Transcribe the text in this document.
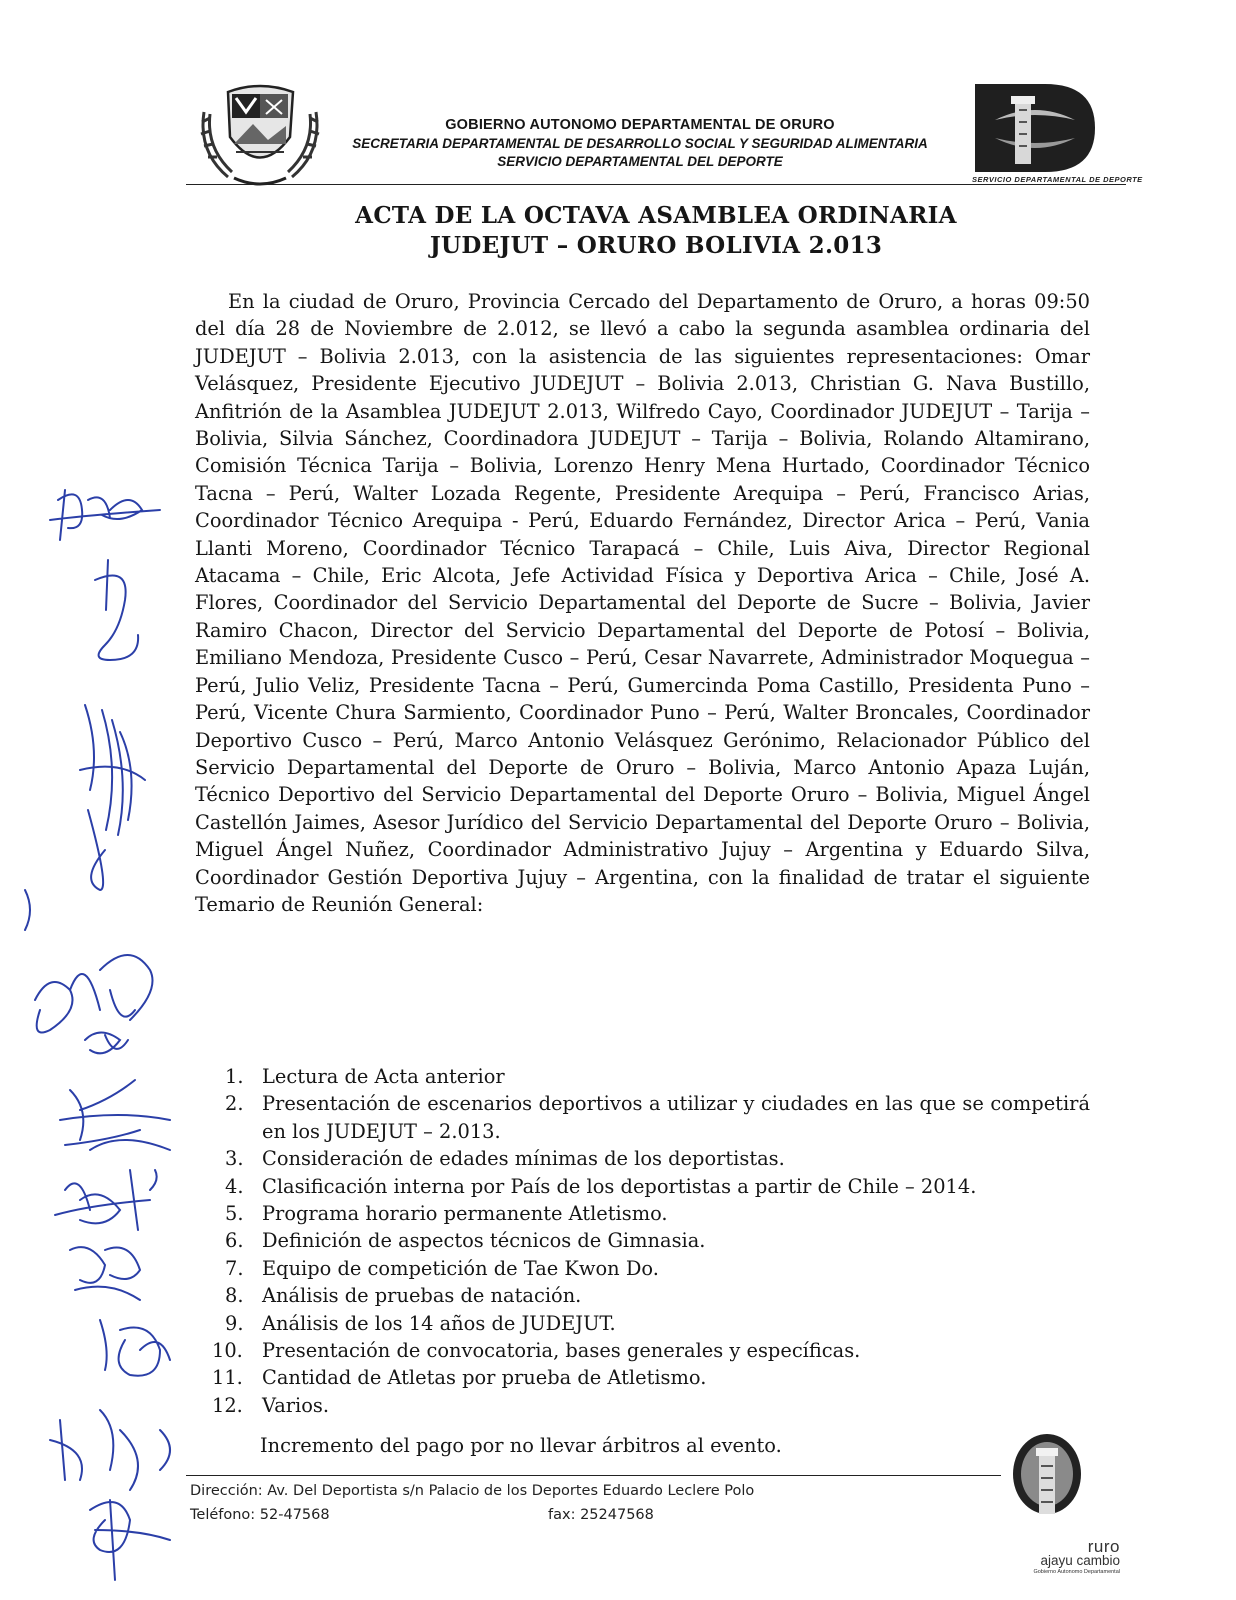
GOBIERNO AUTONOMO DEPARTAMENTAL DE ORURO
SECRETARIA DEPARTAMENTAL DE DESARROLLO SOCIAL Y SEGURIDAD ALIMENTARIA
SERVICIO DEPARTAMENTAL DEL DEPORTE
SERVICIO DEPARTAMENTAL DE DEPORTE
ACTA DE LA OCTAVA ASAMBLEA ORDINARIA
JUDEJUT – ORURO BOLIVIA 2.013
En la ciudad de Oruro, Provincia Cercado del Departamento de Oruro, a horas 09:50 del día 28 de Noviembre de 2.012, se llevó a cabo la segunda asamblea ordinaria del JUDEJUT – Bolivia 2.013, con la asistencia de las siguientes representaciones: Omar Velásquez, Presidente Ejecutivo JUDEJUT – Bolivia 2.013, Christian G. Nava Bustillo, Anfitrión de la Asamblea JUDEJUT 2.013, Wilfredo Cayo, Coordinador JUDEJUT – Tarija – Bolivia, Silvia Sánchez, Coordinadora JUDEJUT – Tarija – Bolivia, Rolando Altamirano, Comisión Técnica Tarija – Bolivia, Lorenzo Henry Mena Hurtado, Coordinador Técnico Tacna – Perú, Walter Lozada Regente, Presidente Arequipa – Perú, Francisco Arias, Coordinador Técnico Arequipa - Perú, Eduardo Fernández, Director Arica – Perú, Vania Llanti Moreno, Coordinador Técnico Tarapacá – Chile, Luis Aiva, Director Regional Atacama – Chile, Eric Alcota, Jefe Actividad Física y Deportiva Arica – Chile, José A. Flores, Coordinador del Servicio Departamental del Deporte de Sucre – Bolivia, Javier Ramiro Chacon, Director del Servicio Departamental del Deporte de Potosí – Bolivia, Emiliano Mendoza, Presidente Cusco – Perú, Cesar Navarrete, Administrador Moquegua – Perú, Julio Veliz, Presidente Tacna – Perú, Gumercinda Poma Castillo, Presidenta Puno – Perú, Vicente Chura Sarmiento, Coordinador Puno – Perú, Walter Broncales, Coordinador Deportivo Cusco – Perú, Marco Antonio Velásquez Gerónimo, Relacionador Público del Servicio Departamental del Deporte de Oruro – Bolivia, Marco Antonio Apaza Luján, Técnico Deportivo del Servicio Departamental del Deporte Oruro – Bolivia, Miguel Ángel Castellón Jaimes, Asesor Jurídico del Servicio Departamental del Deporte Oruro – Bolivia, Miguel Ángel Nuñez, Coordinador Administrativo Jujuy – Argentina y Eduardo Silva, Coordinador Gestión Deportiva Jujuy – Argentina, con la finalidad de tratar el siguiente Temario de Reunión General:
1. Lectura de Acta anterior
2. Presentación de escenarios deportivos a utilizar y ciudades en las que se competirá en los JUDEJUT – 2.013.
3. Consideración de edades mínimas de los deportistas.
4. Clasificación interna por País de los deportistas a partir de Chile – 2014.
5. Programa horario permanente Atletismo.
6. Definición de aspectos técnicos de Gimnasia.
7. Equipo de competición de Tae Kwon Do.
8. Análisis de pruebas de natación.
9. Análisis de los 14 años de JUDEJUT.
10. Presentación de convocatoria, bases generales y específicas.
11. Cantidad de Atletas por prueba de Atletismo.
12. Varios.
Incremento del pago por no llevar árbitros al evento.
Dirección: Av. Del Deportista s/n Palacio de los Deportes Eduardo Leclere Polo
Teléfono: 52-47568	fax: 25247568
ruro
ajayu cambio
Gobierno Autonomo Departamental
